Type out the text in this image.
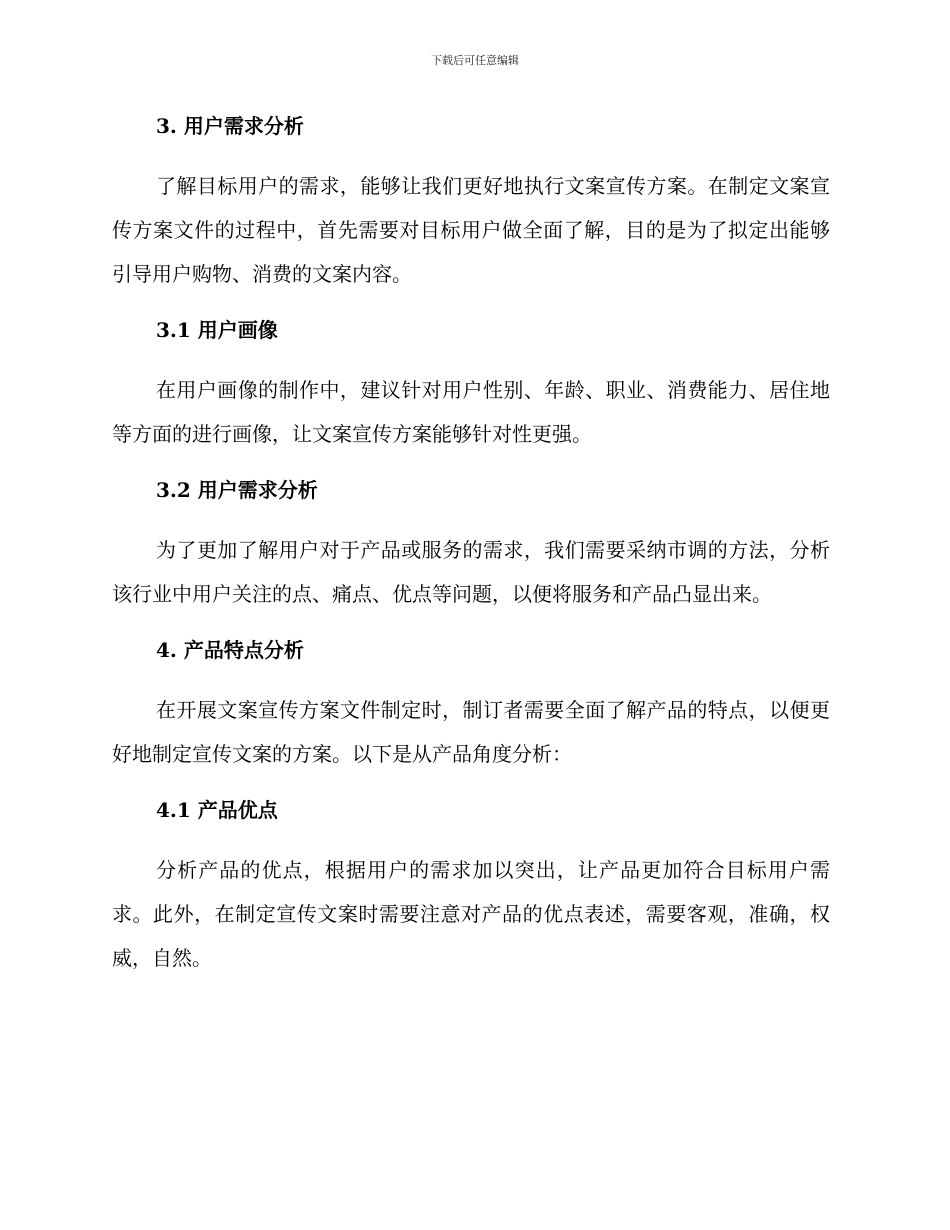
下载后可任意编辑
3. 用户需求分析

了解目标用户的需求，能够让我们更好地执行文案宣传方案。在制定文案宣传方案文件的过程中，首先需要对目标用户做全面了解，目的是为了拟定出能够引导用户购物、消费的文案内容。

3.1 用户画像

在用户画像的制作中，建议针对用户性别、年龄、职业、消费能力、居住地等方面的进行画像，让文案宣传方案能够针对性更强。

3.2 用户需求分析

为了更加了解用户对于产品或服务的需求，我们需要采纳市调的方法，分析该行业中用户关注的点、痛点、优点等问题，以便将服务和产品凸显出来。

4. 产品特点分析

在开展文案宣传方案文件制定时，制订者需要全面了解产品的特点，以便更好地制定宣传文案的方案。以下是从产品角度分析：

4.1 产品优点

分析产品的优点，根据用户的需求加以突出，让产品更加符合目标用户需求。此外，在制定宣传文案时需要注意对产品的优点表述，需要客观，准确，权威，自然。
